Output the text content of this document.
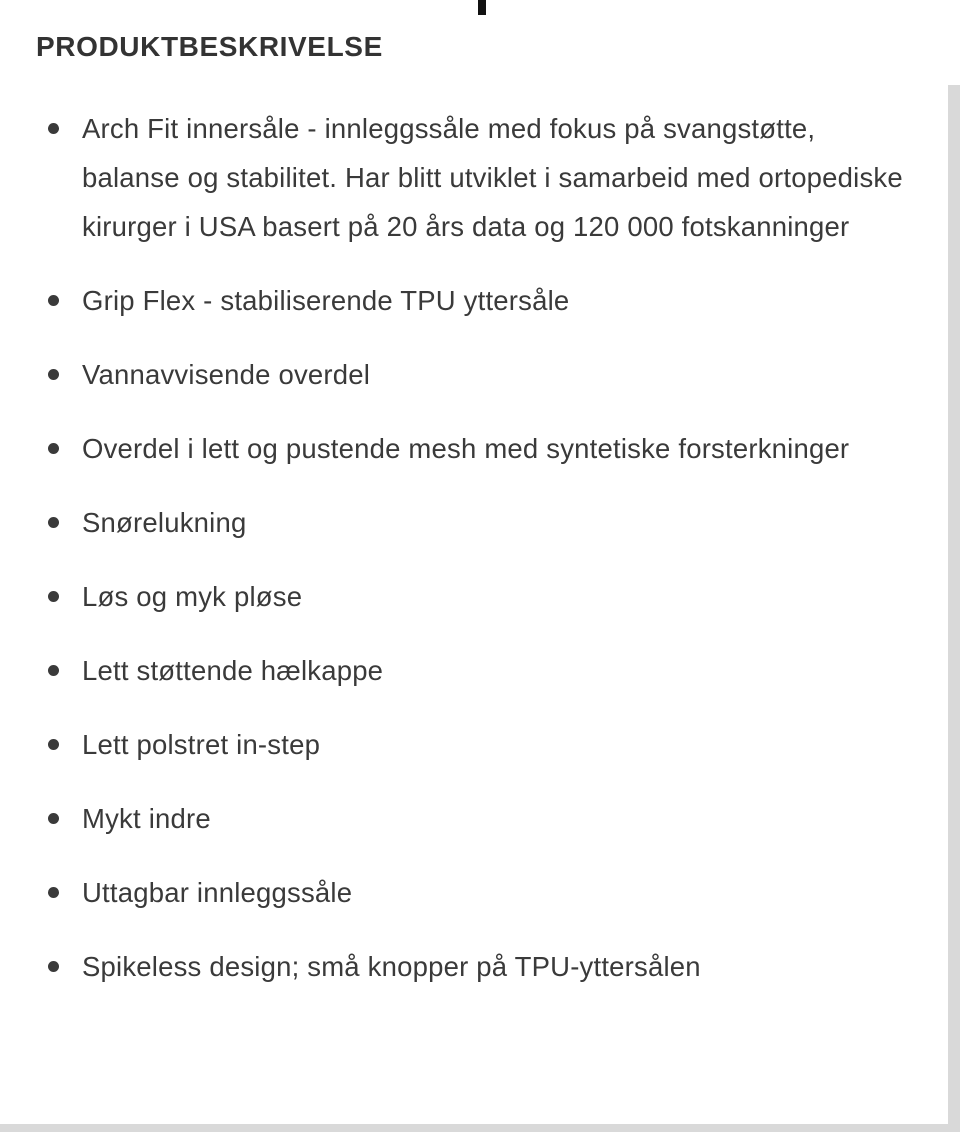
PRODUKTBESKRIVELSE
Arch Fit innersåle - innleggssåle med fokus på svangstøtte, balanse og stabilitet. Har blitt utviklet i samarbeid med ortopediske kirurger i USA basert på 20 års data og 120 000 fotskanninger
Grip Flex - stabiliserende TPU yttersåle
Vannavvisende overdel
Overdel i lett og pustende mesh med syntetiske forsterkninger
Snørelukning
Løs og myk pløse
Lett støttende hælkappe
Lett polstret in-step
Mykt indre
Uttagbar innleggssåle
Spikeless design; små knopper på TPU-yttersålen
